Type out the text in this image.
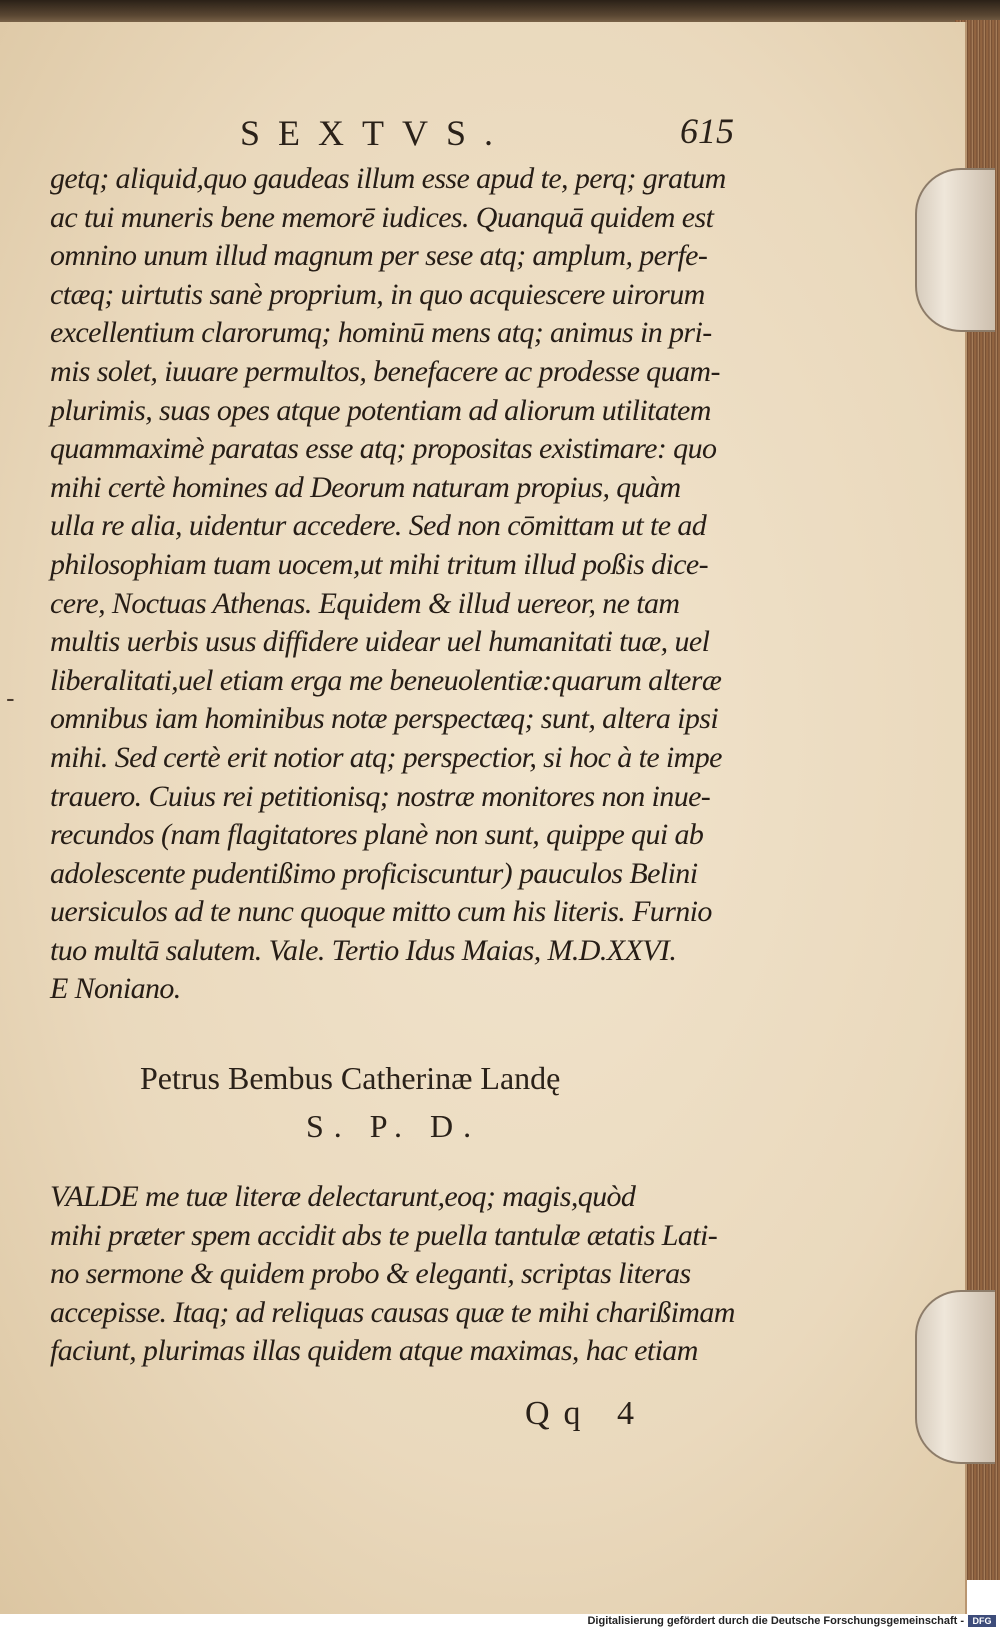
SEXTVS.	615
-
getq; aliquid,quo gaudeas illum esse apud te, perq; gratum
ac tui muneris bene memorē iudices. Quanquā quidem est
omnino unum illud magnum per sese atq; amplum, perfe-
ctæq; uirtutis sanè proprium, in quo acquiescere uirorum
excellentium clarorumq; hominū mens atq; animus in pri-
mis solet, iuuare permultos, benefacere ac prodesse quam-
plurimis, suas opes atque potentiam ad aliorum utilitatem
quammaximè paratas esse atq; propositas existimare: quo
mihi certè homines ad Deorum naturam propius, quàm
ulla re alia, uidentur accedere. Sed non cōmittam ut te ad
philosophiam tuam uocem,ut mihi tritum illud poßis dice-
cere, Noctuas Athenas. Equidem & illud uereor, ne tam
multis uerbis usus diffidere uidear uel humanitati tuæ, uel
liberalitati,uel etiam erga me beneuolentiæ:quarum alteræ
omnibus iam hominibus notæ perspectæq; sunt, altera ipsi
mihi. Sed certè erit notior atq; perspectior, si hoc à te impe
trauero. Cuius rei petitionisq; nostræ monitores non inue-
recundos (nam flagitatores planè non sunt, quippe qui ab
adolescente pudentißimo proficiscuntur) pauculos Belini
uersiculos ad te nunc quoque mitto cum his literis. Furnio
tuo multā salutem. Vale. Tertio Idus Maias, M.D.XXVI.
E Noniano.
Petrus Bembus Catherinæ Landę
S. P. D.
VALDE me tuæ literæ delectarunt,eoq; magis,quòd
mihi præter spem accidit abs te puella tantulæ ætatis Lati-
no sermone & quidem probo & eleganti, scriptas literas
accepisse. Itaq; ad reliquas causas quæ te mihi charißimam
faciunt, plurimas illas quidem atque maximas, hac etiam
Qq 4
Digitalisierung gefördert durch die Deutsche Forschungsgemeinschaft - DFG
